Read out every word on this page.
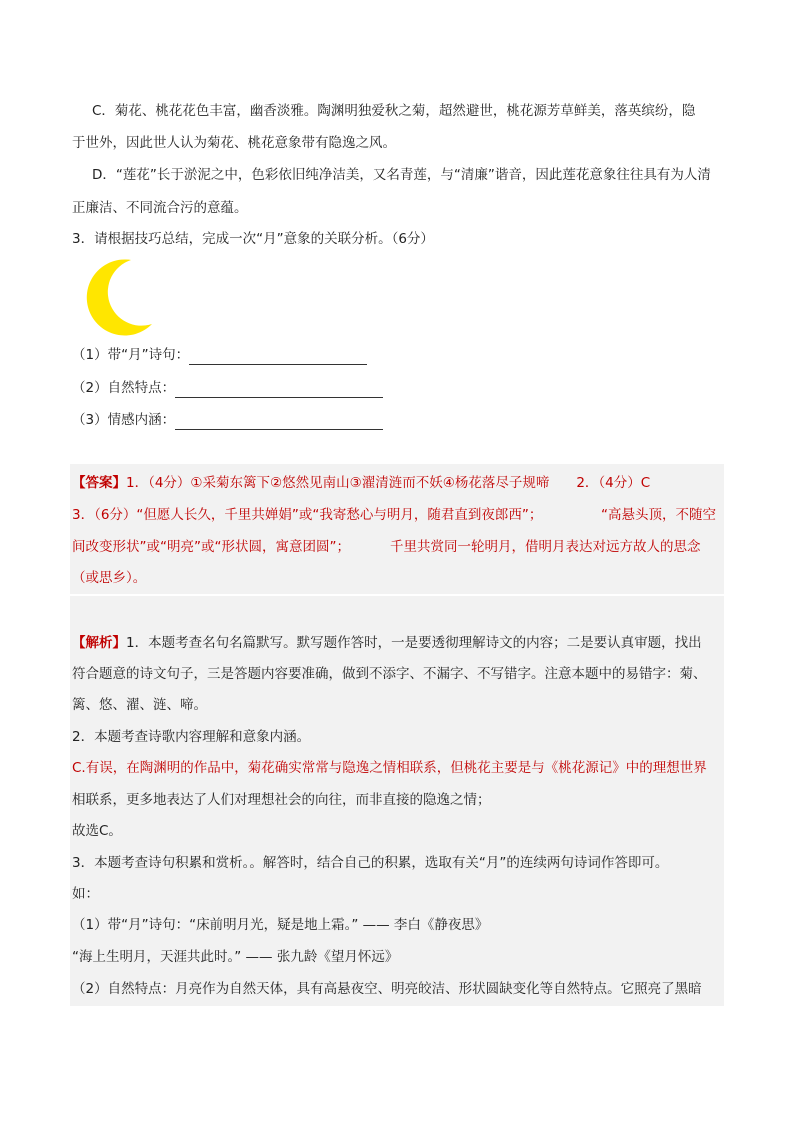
C．菊花、桃花花色丰富，幽香淡雅。陶渊明独爱秋之菊，超然避世，桃花源芳草鲜美，落英缤纷，隐
于世外，因此世人认为菊花、桃花意象带有隐逸之风。
D．“莲花”长于淤泥之中，色彩依旧纯净洁美，又名青莲，与“清廉”谐音，因此莲花意象往往具有为人清
正廉洁、不同流合污的意蕴。
3．请根据技巧总结，完成一次“月”意象的关联分析。（6分）
（1）带“月”诗句：
（2）自然特点：
（3）情感内涵：
【答案】1．（4分）①采菊东篱下②悠然见南山③濯清涟而不妖④杨花落尽子规啼　　2．（4分）C
3．（6分）“但愿人长久，千里共婵娟”或“我寄愁心与明月，随君直到夜郎西”；	“高悬头顶，不随空
间改变形状”或“明亮”或“形状圆，寓意团圆”；	千里共赏同一轮明月，借明月表达对远方故人的思念
（或思乡）。
【解析】1．本题考查名句名篇默写。默写题作答时，一是要透彻理解诗文的内容；二是要认真审题，找出
符合题意的诗文句子，三是答题内容要准确，做到不添字、不漏字、不写错字。注意本题中的易错字：菊、
篱、悠、濯、涟、啼。
2．本题考查诗歌内容理解和意象内涵。
C.有误，在陶渊明的作品中，菊花确实常常与隐逸之情相联系，但桃花主要是与《桃花源记》中的理想世界
相联系，更多地表达了人们对理想社会的向往，而非直接的隐逸之情；
故选C。
3．本题考查诗句积累和赏析。。解答时，结合自己的积累，选取有关“月”的连续两句诗词作答即可。
如：
（1）带“月”诗句：“床前明月光，疑是地上霜。” —— 李白《静夜思》
“海上生明月，天涯共此时。” —— 张九龄《望月怀远》
（2）自然特点：月亮作为自然天体，具有高悬夜空、明亮皎洁、形状圆缺变化等自然特点。它照亮了黑暗
